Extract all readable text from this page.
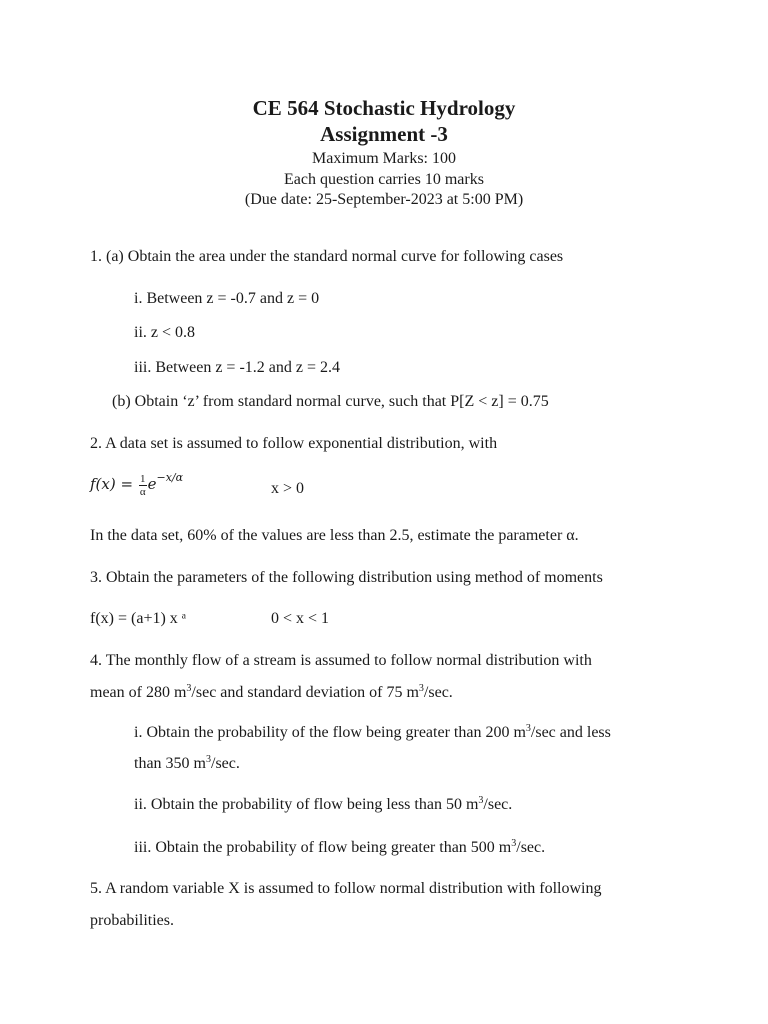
CE 564 Stochastic Hydrology
Assignment -3
Maximum Marks: 100
Each question carries 10 marks
(Due date: 25-September-2023 at 5:00 PM)
1. (a) Obtain the area under the standard normal curve for following cases
i. Between z = -0.7 and z = 0
ii. z < 0.8
iii. Between z = -1.2 and z = 2.4
(b) Obtain ‘z’ from standard normal curve, such that P[Z < z] = 0.75
2. A data set is assumed to follow exponential distribution, with
$f(x) = \frac{1}{\alpha} e^{-x/\alpha}$
x > 0
In the data set, 60% of the values are less than 2.5, estimate the parameter α.
3. Obtain the parameters of the following distribution using method of moments
f(x) = (a+1) x ᵃ	0 < x < 1
4. The monthly flow of a stream is assumed to follow normal distribution with
mean of 280 $m^3/\sec$ and standard deviation of 75 $m^3/\sec$.
i. Obtain the probability of the flow being greater than 200 $m^3/\sec$ and less
than 350 $m^3/\sec$.
ii. Obtain the probability of flow being less than 50 $m^3/\sec$.
iii. Obtain the probability of flow being greater than 500 $m^3/\sec$.
5. A random variable X is assumed to follow normal distribution with following
probabilities.
